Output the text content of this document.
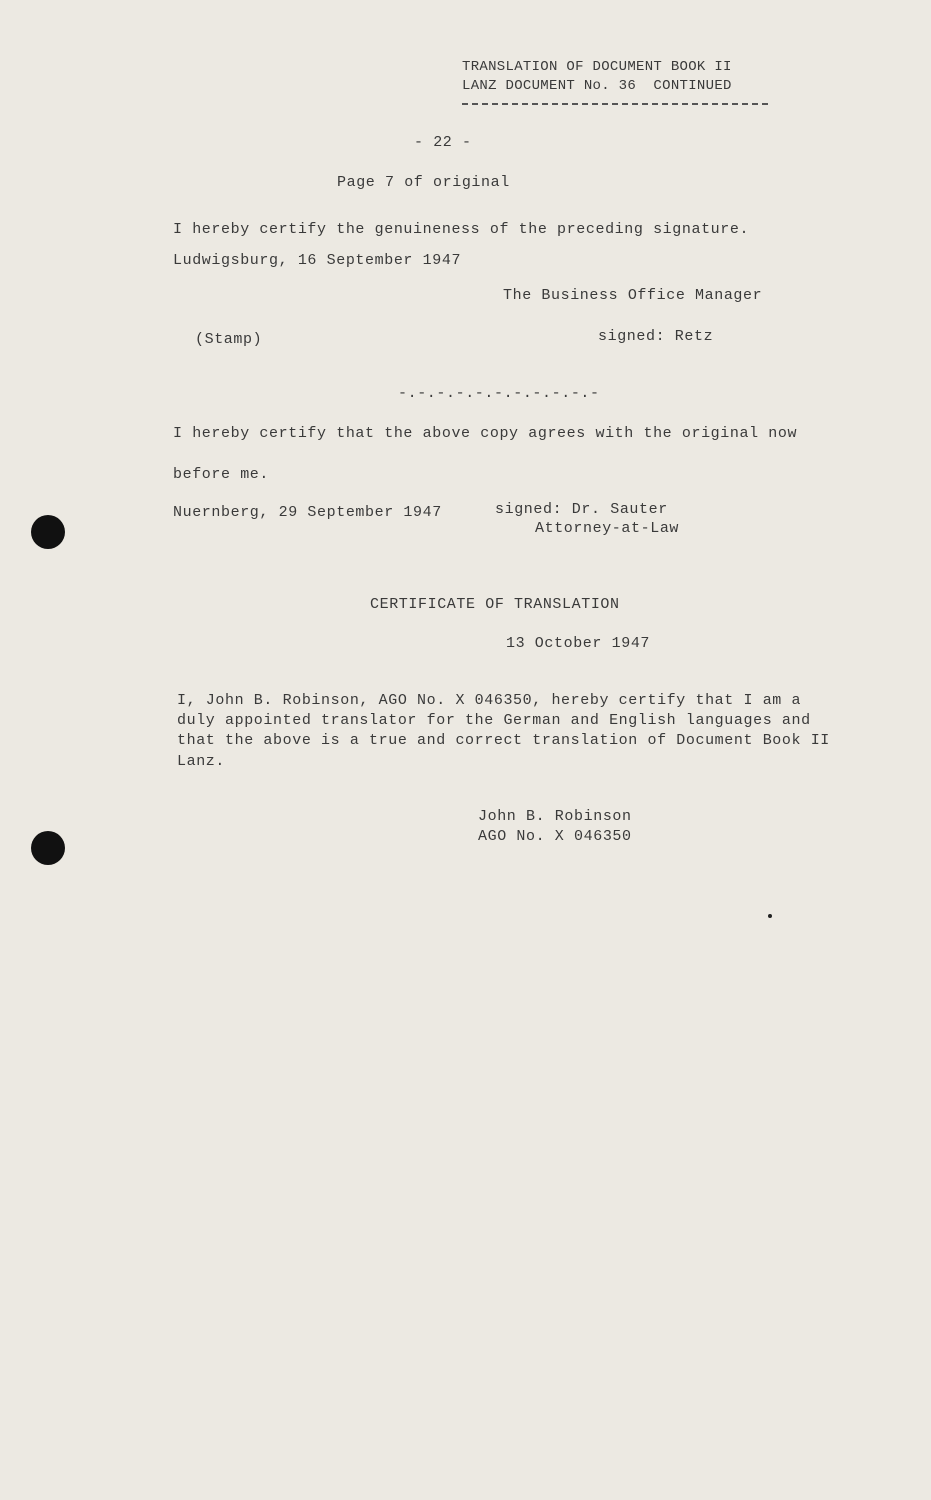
TRANSLATION OF DOCUMENT BOOK II
LANZ DOCUMENT No. 36  CONTINUED
- 22 -
Page 7 of original
I hereby certify the genuineness of the preceding signature.
Ludwigsburg, 16 September 1947
The Business Office Manager
(Stamp)	signed: Retz
-.-.-.-.-.-.-.-.-.-.-
I hereby certify that the above copy agrees with the original now
before me.
Nuernberg, 29 September 1947	signed: Dr. Sauter
Attorney-at-Law
CERTIFICATE OF TRANSLATION
13 October 1947
I, John B. Robinson, AGO No. X 046350, hereby certify that I am a
duly appointed translator for the German and English languages and
that the above is a true and correct translation of Document Book II
Lanz.
John B. Robinson
AGO No. X 046350
